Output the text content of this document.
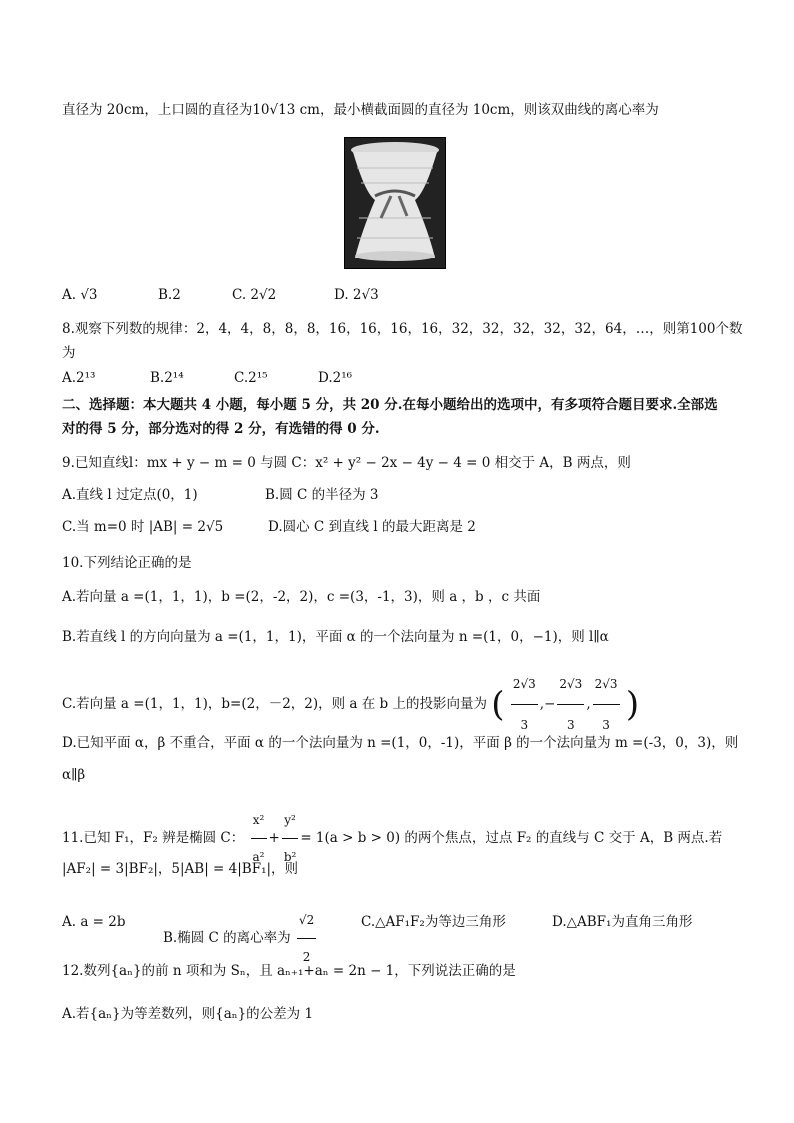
直径为 20cm，上口圆的直径为10√13 cm，最小横截面圆的直径为 10cm，则该双曲线的离心率为
A. √3	B.2	C. 2√2	D. 2√3
8.观察下列数的规律：2，4，4，8，8，8，16，16，16，16，32，32，32，32，32，64，…，则第100个数
为
A.2¹³	B.2¹⁴	C.2¹⁵	D.2¹⁶
二、选择题：本大题共 4 小题，每小题 5 分，共 20 分.在每小题给出的选项中，有多项符合题目要求.全部选
对的得 5 分，部分选对的得 2 分，有选错的得 0 分.
9.已知直线l：mx + y − m = 0 与圆 C：x² + y² − 2x − 4y − 4 = 0 相交于 A，B 两点，则
A.直线 l 过定点(0，1)	B.圆 C 的半径为 3
C.当 m=0 时 |AB| = 2√5	D.圆心 C 到直线 l 的最大距离是 2
10.下列结论正确的是
A.若向量 a =(1，1，1)，b =(2，-2，2)，c =(3，-1，3)，则 a ，b ，c 共面
B.若直线 l 的方向向量为 a =(1，1，1)，平面 α 的一个法向量为 n =(1，0，−1)，则 l∥α
C.若向量 a =(1，1，1)，b=(2，－2，2)，则 a 在 b 上的投影向量为 ( $\frac{2√3}{3}$ ,− $\frac{2√3}{3}$ , $\frac{2√3}{3}$ )
D.已知平面 α，β 不重合，平面 α 的一个法向量为 n =(1，0，-1)，平面 β 的一个法向量为 m =(-3，0，3)，则
α∥β
11.已知 F₁，F₂ 辨是椭圆 C： $\frac{\text{x²}}{\text{a²}} + \frac{\text{y²}}{\text{b²}} = 1(a > b > 0)$ 的两个焦点，过点 F₂ 的直线与 C 交于 A，B 两点.若
|AF₂| = 3|BF₂|，5|AB| = 4|BF₁|，则
A. a = 2b
B.椭圆 C 的离心率为 $\frac{√2}{2}$	C.△AF₁F₂为等边三角形	D.△ABF₁为直角三角形
12.数列{aₙ}的前 n 项和为 Sₙ，且 aₙ₊₁+aₙ = 2n − 1，下列说法正确的是
A.若{aₙ}为等差数列，则{aₙ}的公差为 1
